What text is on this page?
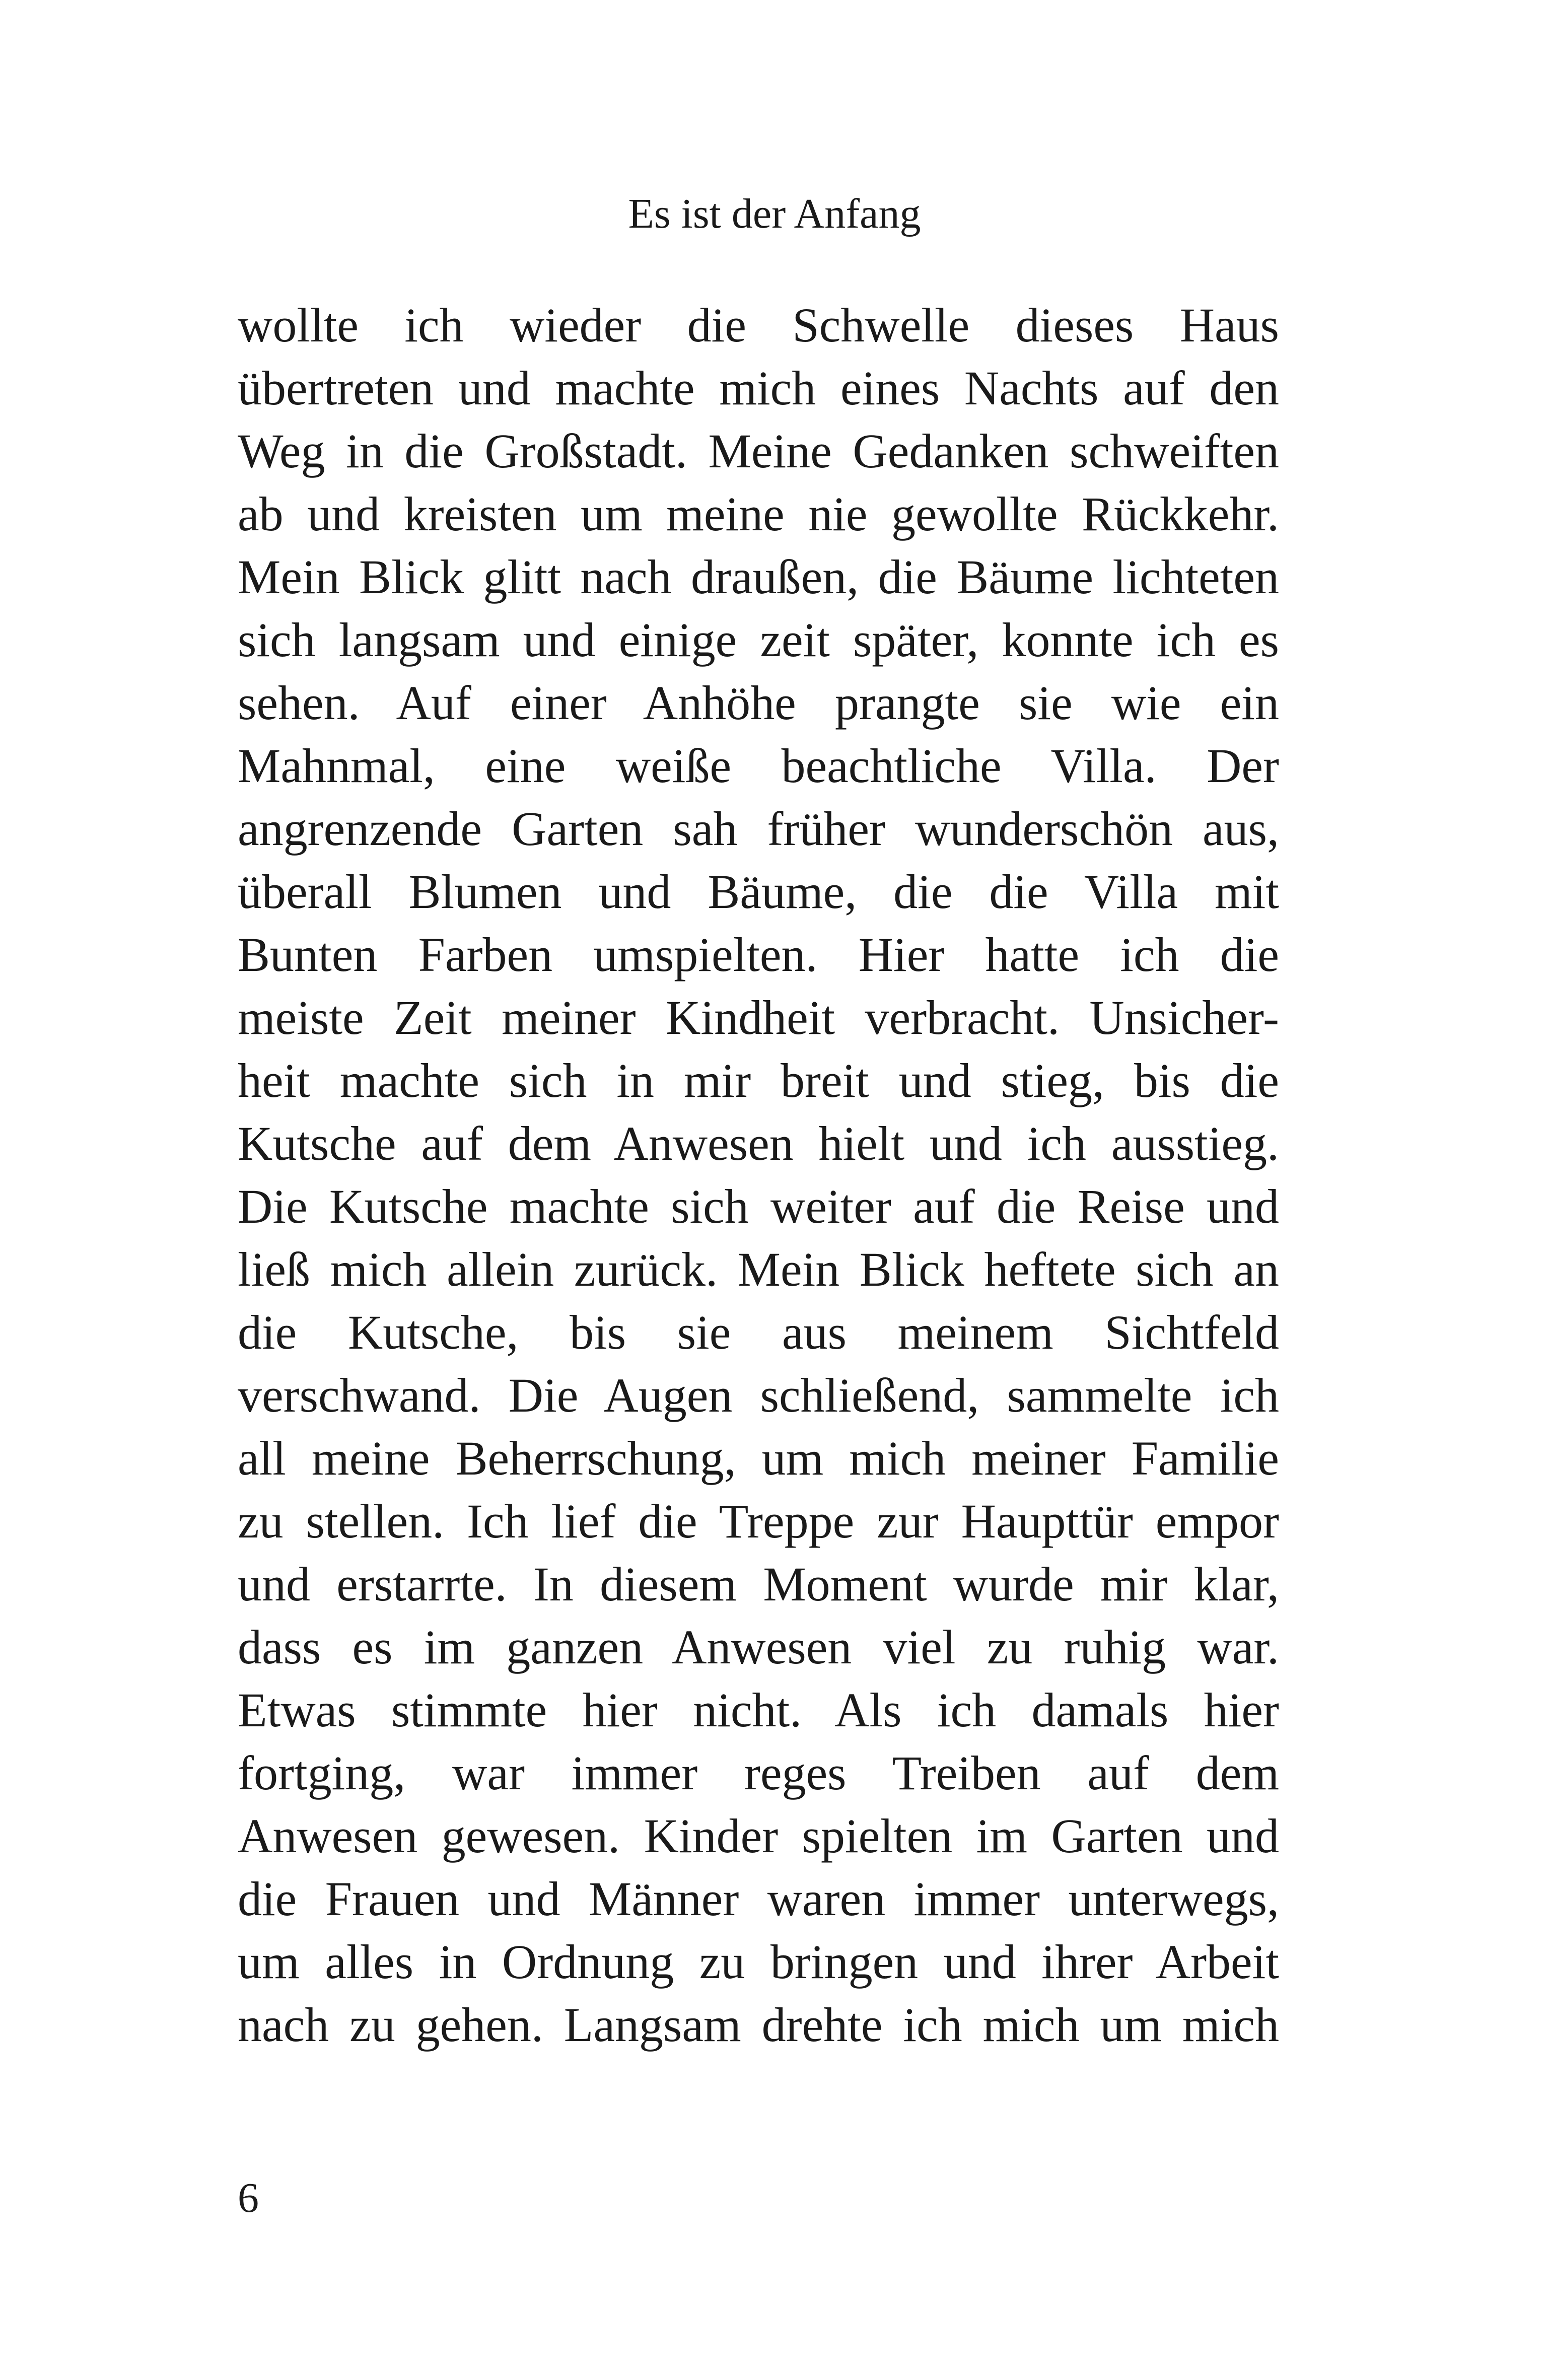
Es ist der Anfang
wollte ich wieder die Schwelle dieses Haus
übertreten und machte mich eines Nachts auf den
Weg in die Großstadt. Meine Gedanken schweiften
ab und kreisten um meine nie gewollte Rückkehr.
Mein Blick glitt nach draußen, die Bäume lichteten
sich langsam und einige zeit später, konnte ich es
sehen. Auf einer Anhöhe prangte sie wie ein
Mahnmal, eine weiße beachtliche Villa. Der
angrenzende Garten sah früher wunderschön aus,
überall Blumen und Bäume, die die Villa mit
Bunten Farben umspielten. Hier hatte ich die
meiste Zeit meiner Kindheit verbracht. Unsicher-
heit machte sich in mir breit und stieg, bis die
Kutsche auf dem Anwesen hielt und ich ausstieg.
Die Kutsche machte sich weiter auf die Reise und
ließ mich allein zurück. Mein Blick heftete sich an
die Kutsche, bis sie aus meinem Sichtfeld
verschwand. Die Augen schließend, sammelte ich
all meine Beherrschung, um mich meiner Familie
zu stellen. Ich lief die Treppe zur Haupttür empor
und erstarrte. In diesem Moment wurde mir klar,
dass es im ganzen Anwesen viel zu ruhig war.
Etwas stimmte hier nicht. Als ich damals hier
fortging, war immer reges Treiben auf dem
Anwesen gewesen. Kinder spielten im Garten und
die Frauen und Männer waren immer unterwegs,
um alles in Ordnung zu bringen und ihrer Arbeit
nach zu gehen. Langsam drehte ich mich um mich
6
